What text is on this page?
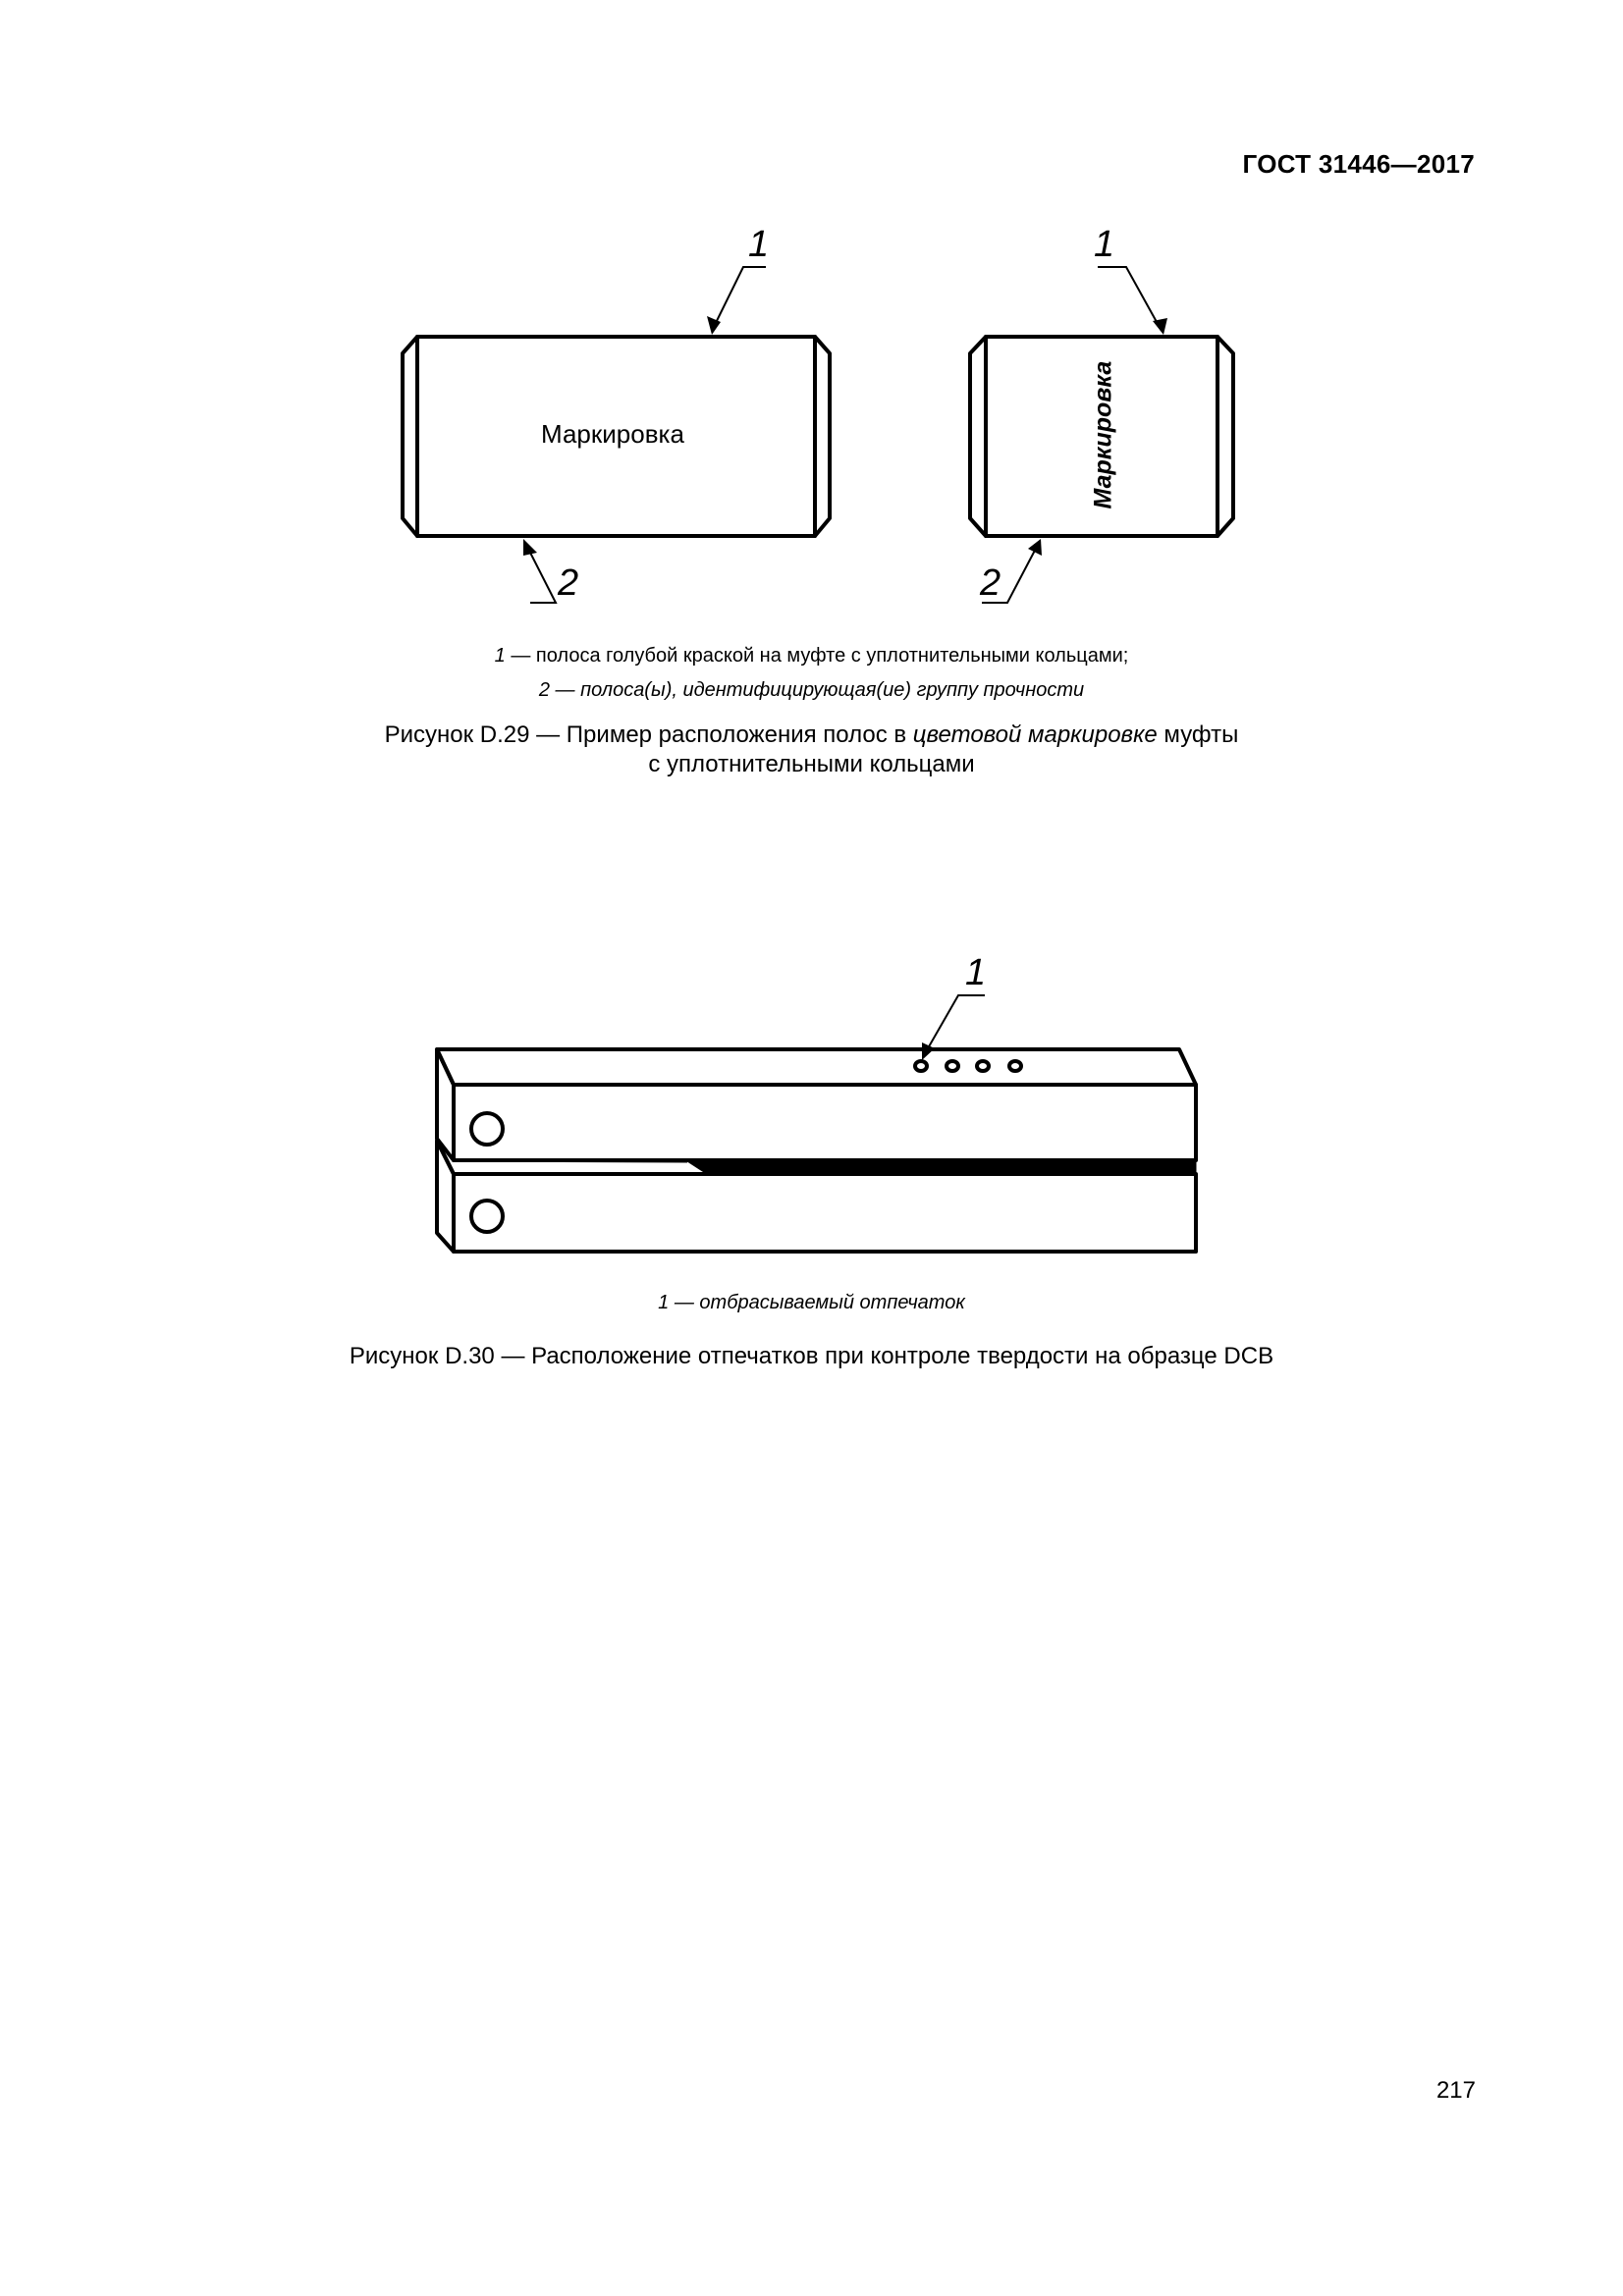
ГОСТ 31446—2017
1	1
2	2
Маркировка	Маркировка
1 — полоса голубой краской на муфте с уплотнительными кольцами;
2 — полоса(ы), идентифицирующая(ие) группу прочности
Рисунок D.29 — Пример расположения полос в цветовой маркировке муфты
с уплотнительными кольцами
1
1 — отбрасываемый отпечаток
Рисунок D.30 — Расположение отпечатков при контроле твердости на образце DCB
217
